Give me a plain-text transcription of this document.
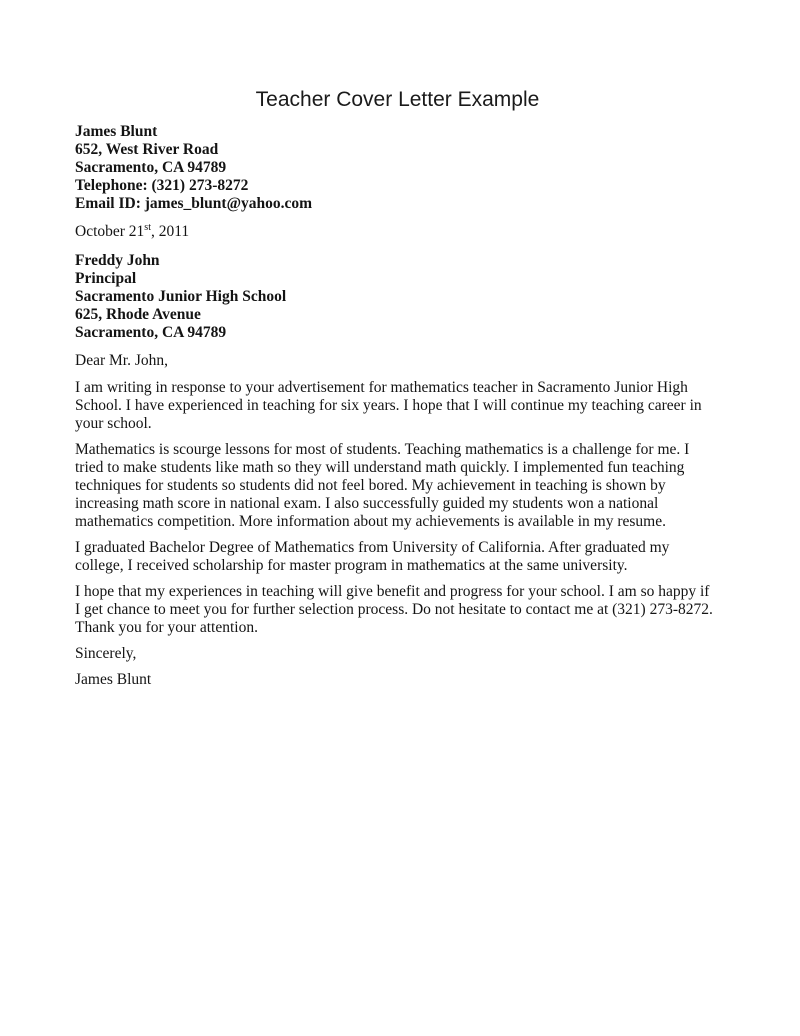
Teacher Cover Letter Example
James Blunt
652, West River Road
Sacramento, CA 94789
Telephone: (321) 273-8272
Email ID: james_blunt@yahoo.com

October 21st, 2011

Freddy John
Principal
Sacramento Junior High School
625, Rhode Avenue
Sacramento, CA 94789

Dear Mr. John,

I am writing in response to your advertisement for mathematics teacher in Sacramento Junior High School. I have experienced in teaching for six years. I hope that I will continue my teaching career in your school.

Mathematics is scourge lessons for most of students. Teaching mathematics is a challenge for me. I tried to make students like math so they will understand math quickly. I implemented fun teaching techniques for students so students did not feel bored. My achievement in teaching is shown by increasing math score in national exam. I also successfully guided my students won a national mathematics competition. More information about my achievements is available in my resume.

I graduated Bachelor Degree of Mathematics from University of California. After graduated my college, I received scholarship for master program in mathematics at the same university.

I hope that my experiences in teaching will give benefit and progress for your school. I am so happy if I get chance to meet you for further selection process. Do not hesitate to contact me at (321) 273-8272. Thank you for your attention.

Sincerely,

James Blunt
